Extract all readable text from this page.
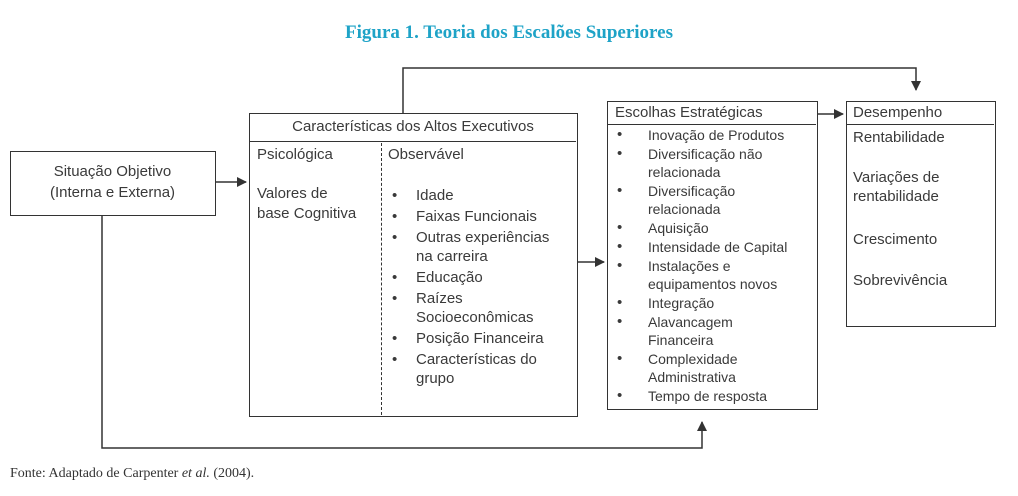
Figura 1. Teoria dos Escalões Superiores
Situação Objetivo
(Interna e Externa)
Características dos Altos Executivos
Psicológica
Valores de
base Cognitiva
Observável
• Idade
• Faixas Funcionais
• Outras experiências na carreira
• Educação
• Raízes Socioeconômicas
• Posição Financeira
• Características do grupo
Escolhas Estratégicas
• Inovação de Produtos
• Diversificação não relacionada
• Diversificação relacionada
• Aquisição
• Intensidade de Capital
• Instalações e equipamentos novos
• Integração
• Alavancagem Financeira
• Complexidade Administrativa
• Tempo de resposta
Desempenho
Rentabilidade
Variações de rentabilidade
Crescimento
Sobrevivência
Fonte: Adaptado de Carpenter et al. (2004).
